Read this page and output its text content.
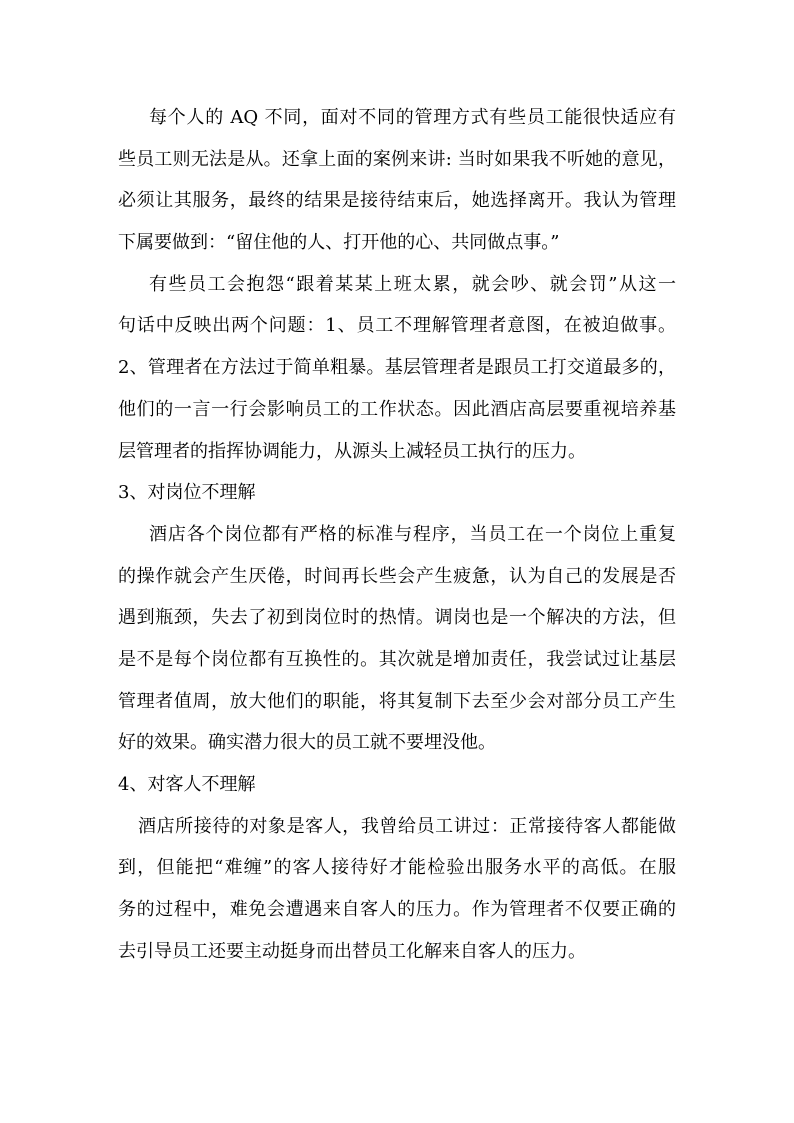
每个人的 AQ 不同，面对不同的管理方式有些员工能很快适应有
些员工则无法是从。还拿上面的案例来讲: 当时如果我不听她的意见，
必须让其服务，最终的结果是接待结束后，她选择离开。我认为管理
下属要做到：“留住他的人、打开他的心、共同做点事。”
有些员工会抱怨“跟着某某上班太累，就会吵、就会罚”从这一
句话中反映出两个问题：1、员工不理解管理者意图，在被迫做事。
2、管理者在方法过于简单粗暴。基层管理者是跟员工打交道最多的，
他们的一言一行会影响员工的工作状态。因此酒店高层要重视培养基
层管理者的指挥协调能力，从源头上减轻员工执行的压力。
3、对岗位不理解
酒店各个岗位都有严格的标准与程序，当员工在一个岗位上重复
的操作就会产生厌倦，时间再长些会产生疲惫，认为自己的发展是否
遇到瓶颈，失去了初到岗位时的热情。调岗也是一个解决的方法，但
是不是每个岗位都有互换性的。其次就是增加责任，我尝试过让基层
管理者值周，放大他们的职能，将其复制下去至少会对部分员工产生
好的效果。确实潜力很大的员工就不要埋没他。
4、对客人不理解
酒店所接待的对象是客人，我曾给员工讲过：正常接待客人都能做
到，但能把“难缠”的客人接待好才能检验出服务水平的高低。在服
务的过程中，难免会遭遇来自客人的压力。作为管理者不仅要正确的
去引导员工还要主动挺身而出替员工化解来自客人的压力。
